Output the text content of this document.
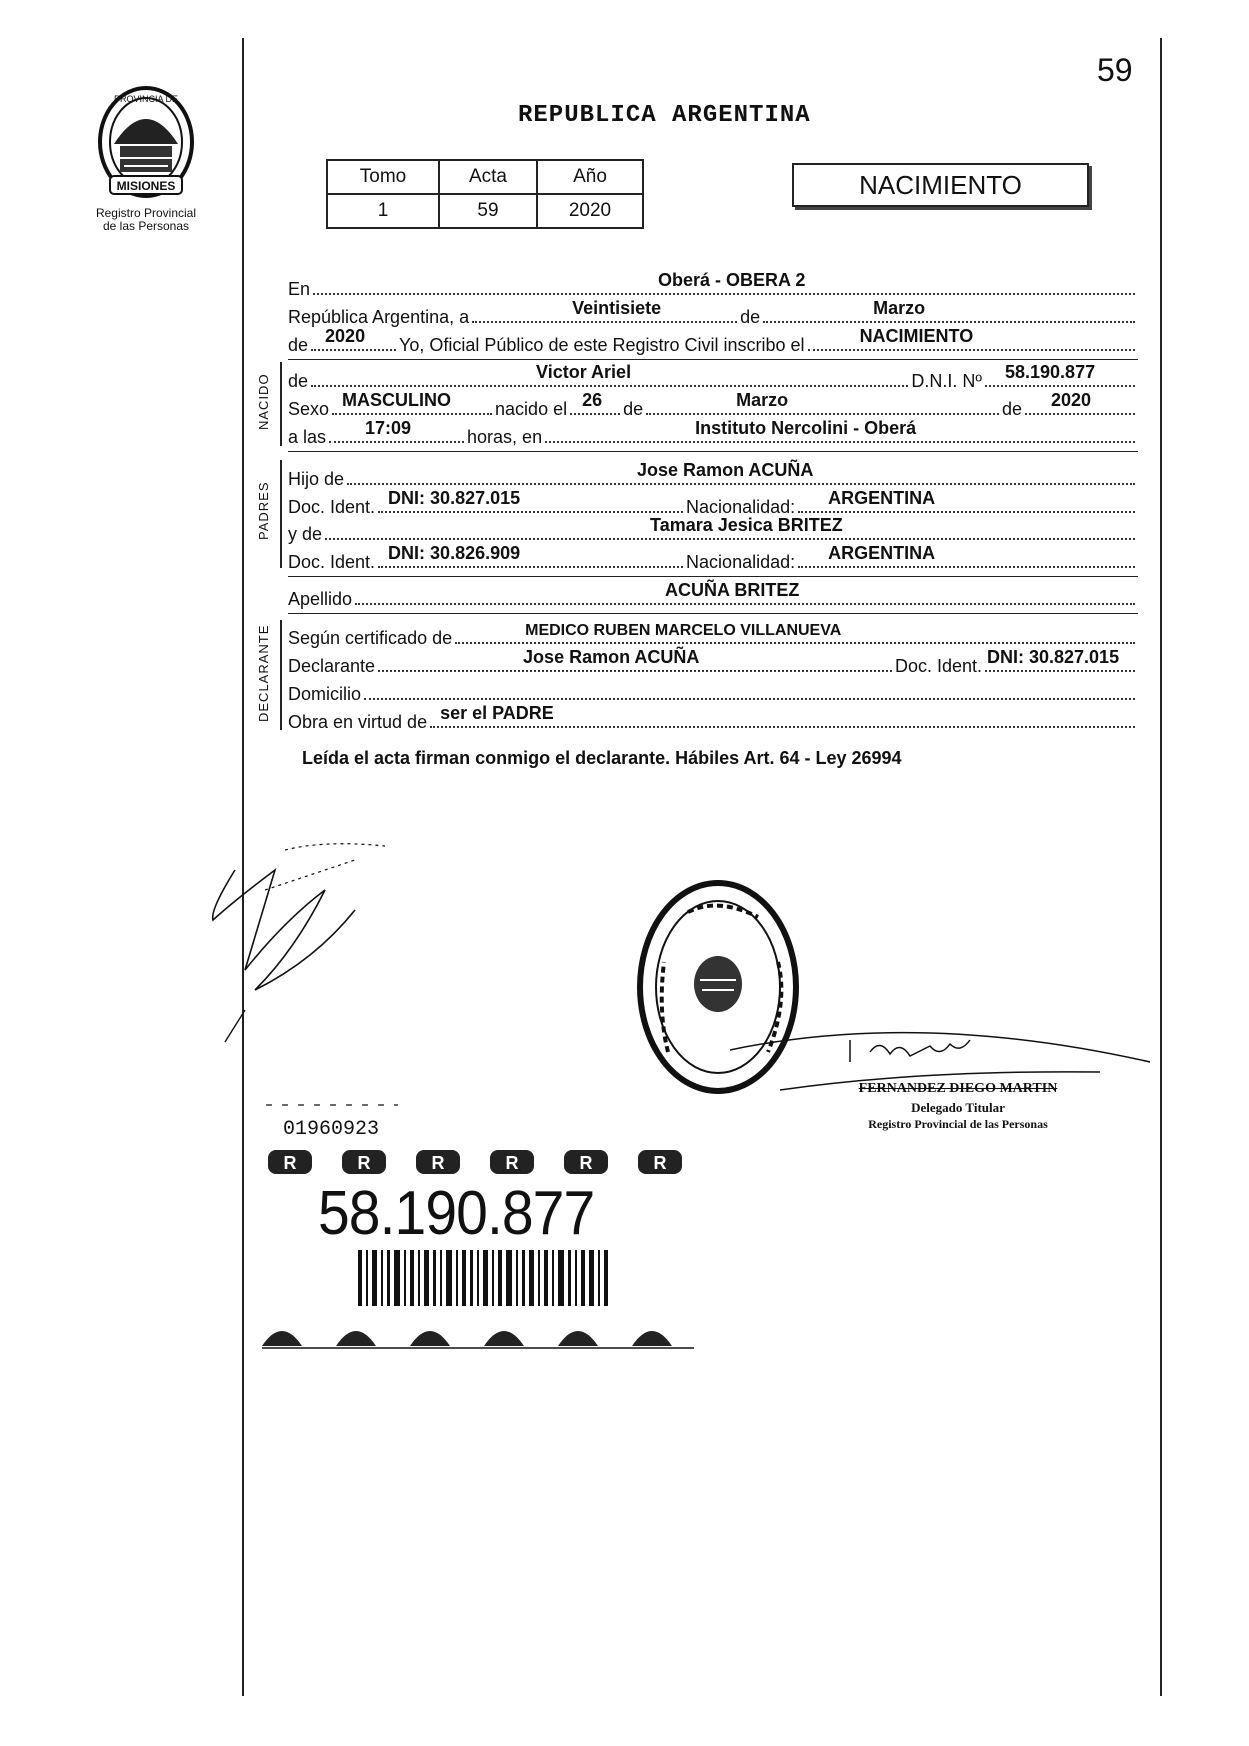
59
MISIONES
PROVINCIA DE
Registro Provincial
de las Personas
REPUBLICA ARGENTINA
Tomo	Acta	Año
1	59	2020
NACIMIENTO
En	Oberá - OBERA 2
República Argentina, a	Veintisiete	de	Marzo
de 2020 Yo, Oficial Público de este Registro Civil inscribo el	NACIMIENTO
NACIDO de	Victor Ariel	D.N.I. Nº 58.190.877
Sexo MASCULINO nacido el 26 de	Marzo	de 2020
a las 17:09	horas, en	Instituto Nercolini - Oberá
PADRES
Hijo de	Jose Ramon ACUÑA
Doc. Ident. DNI: 30.827.015	Nacionalidad: ARGENTINA
y de	Tamara Jesica BRITEZ
Doc. Ident. DNI: 30.826.909	Nacionalidad: ARGENTINA
Apellido	ACUÑA BRITEZ
DECLARANTE Según certificado de	MEDICO RUBEN MARCELO VILLANUEVA
Declarante	Jose Ramon ACUÑA	Doc. Ident. DNI: 30.827.015
Domicilio
Obra en virtud de ser el PADRE
Leída el acta firman conmigo el declarante. Hábiles Art. 64 - Ley 26994
FERNANDEZ DIEGO MARTIN
Delegado Titular
Registro Provincial de las Personas
01960923
R	R	R	R	R	R
58.190.877
